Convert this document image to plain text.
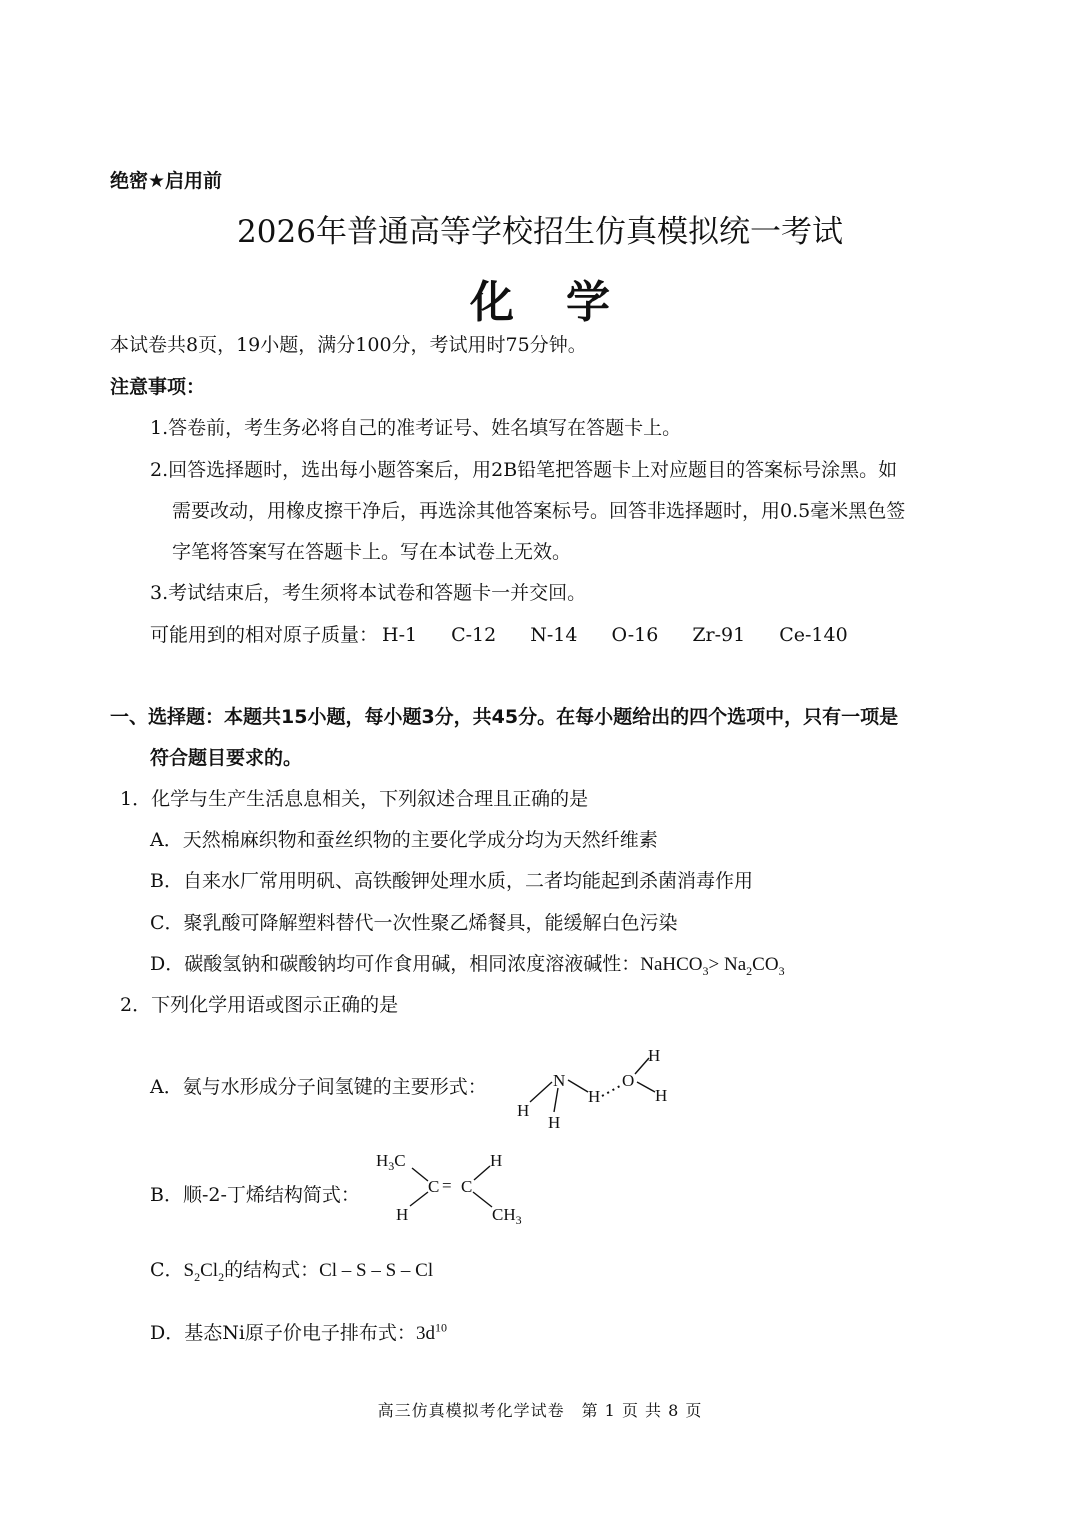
绝密★启用前
2026年普通高等学校招生仿真模拟统一考试
化学
本试卷共8页，19小题，满分100分，考试用时75分钟。
注意事项：
1.答卷前，考生务必将自己的准考证号、姓名填写在答题卡上。
2.回答选择题时，选出每小题答案后，用2B铅笔把答题卡上对应题目的答案标号涂黑。如
需要改动，用橡皮擦干净后，再选涂其他答案标号。回答非选择题时，用0.5毫米黑色签
字笔将答案写在答题卡上。写在本试卷上无效。
3.考试结束后，考生须将本试卷和答题卡一并交回。
可能用到的相对原子质量： H-1 C-12 N-14 O-16 Zr-91 Ce-140
一、选择题：本题共15小题，每小题3分，共45分。在每小题给出的四个选项中，只有一项是
符合题目要求的。
1．化学与生产生活息息相关，下列叙述合理且正确的是
A．天然棉麻织物和蚕丝织物的主要化学成分均为天然纤维素
B．自来水厂常用明矾、高铁酸钾处理水质，二者均能起到杀菌消毒作用
C．聚乳酸可降解塑料替代一次性聚乙烯餐具，能缓解白色污染
D．碳酸氢钠和碳酸钠均可作食用碱，相同浓度溶液碱性：NaHCO$_3$> $Na_2CO_3$
2．下列化学用语或图示正确的是
A．氨与水形成分子间氢键的主要形式：	N
H
H
H
O
H
H
B．顺-2-丁烯结构简式：
$H_3C$	H
C C
=
H	$CH_3$
C．$S_2Cl_2$的结构式：Cl – S – S – Cl
D．基态Ni原子价电子排布式：$3d^{10}$
高三仿真模拟考化学试卷　第 1 页 共 8 页
